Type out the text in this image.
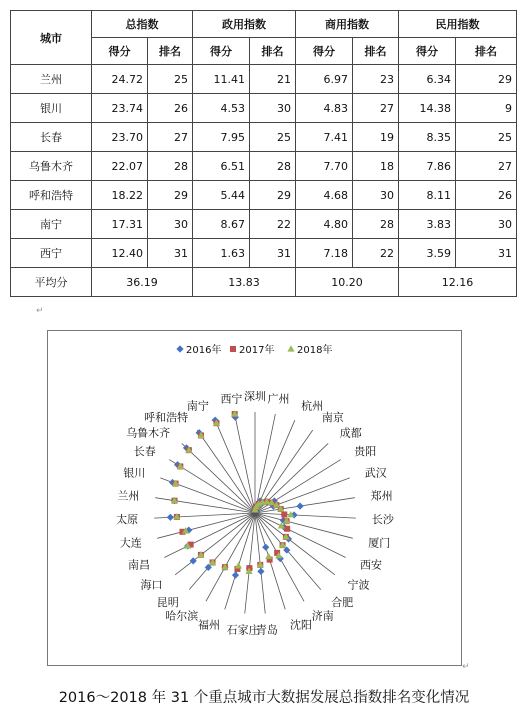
城市	总指数		政用指数		商用指数		民用指数	
	得分	排名	得分	排名	得分	排名	得分	排名
兰州	24.72	25	11.41	21	6.97	23	6.34	29
银川	23.74	26	4.53	30	4.83	27	14.38	9
长春	23.70	27	7.95	25	7.41	19	8.35	25
乌鲁木齐	22.07	28	6.51	28	7.70	18	7.86	27
呼和浩特	18.22	29	5.44	29	4.68	30	8.11	26
南宁	17.31	30	8.67	22	4.80	28	3.83	30
西宁	12.40	31	1.63	31	7.18	22	3.59	31
平均分	36.19		13.83		10.20		12.16	
↵
深圳 广州
杭州
南京
成都
贵阳
武汉
郑州
长沙
厦门
西安
宁波
合肥
济南
沈阳
青岛
石家庄
福州
哈尔滨
昆明
海口
南昌
大连
太原
兰州
银川
长春
乌鲁木齐
呼和浩特
南宁
西宁
2016年 2017年 2018年
↵
2016～2018 年 31 个重点城市大数据发展总指数排名变化情况
